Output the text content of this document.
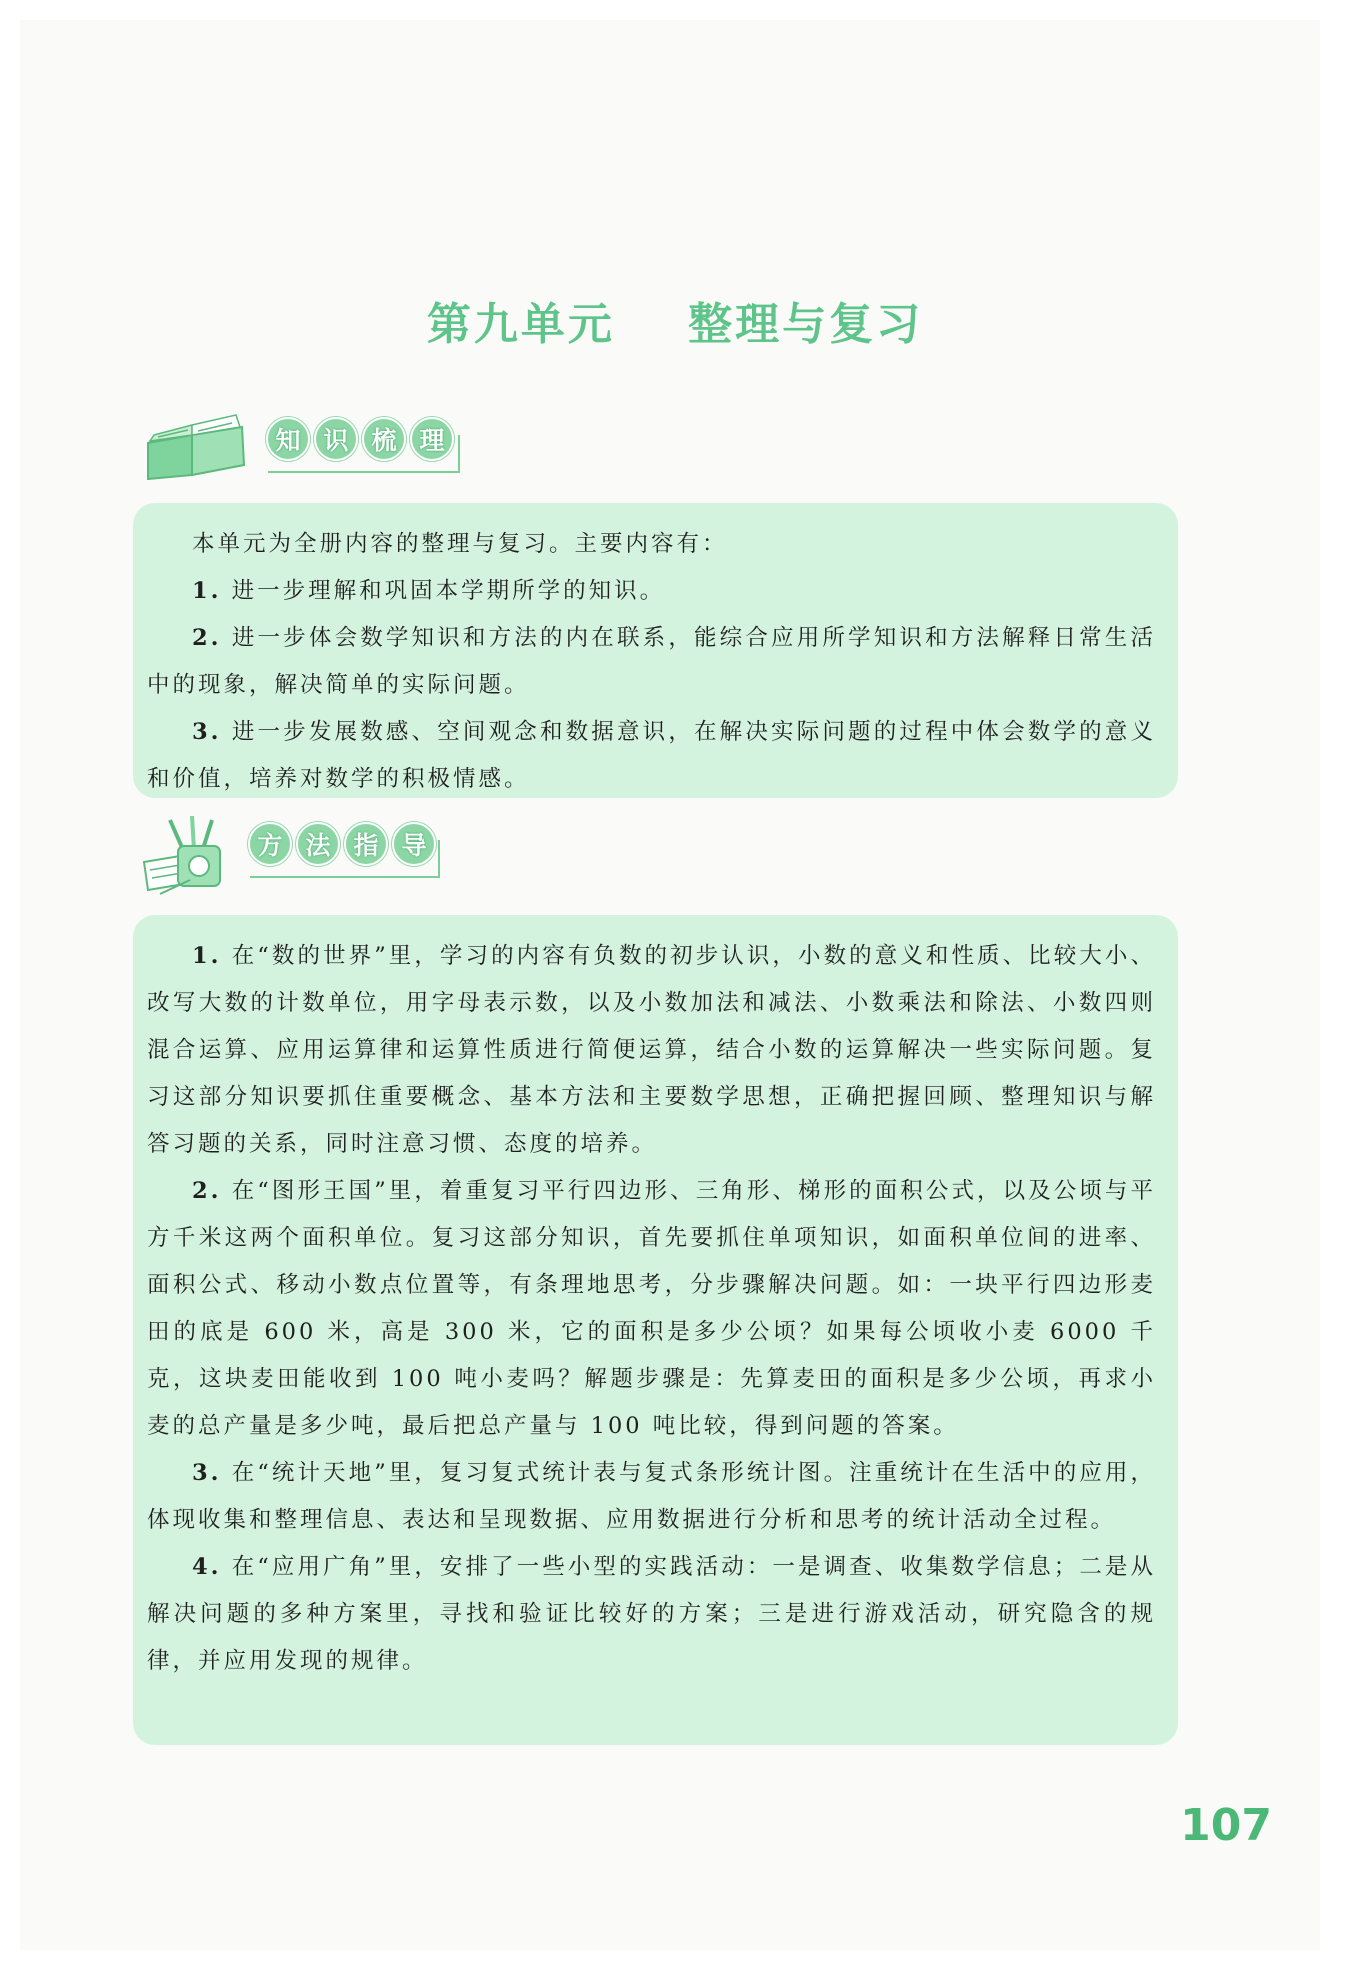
第九单元    整理与复习
知 识 梳 理

本单元为全册内容的整理与复习。主要内容有：

1. 进一步理解和巩固本学期所学的知识。

2. 进一步体会数学知识和方法的内在联系，能综合应用所学知识和方法解释日常生活中的现象，解决简单的实际问题。

3. 进一步发展数感、空间观念和数据意识，在解决实际问题的过程中体会数学的意义和价值，培养对数学的积极情感。

方 法 指 导

1. 在“数的世界”里，学习的内容有负数的初步认识，小数的意义和性质、比较大小、改写大数的计数单位，用字母表示数，以及小数加法和减法、小数乘法和除法、小数四则混合运算、应用运算律和运算性质进行简便运算，结合小数的运算解决一些实际问题。复习这部分知识要抓住重要概念、基本方法和主要数学思想，正确把握回顾、整理知识与解答习题的关系，同时注意习惯、态度的培养。

2. 在“图形王国”里，着重复习平行四边形、三角形、梯形的面积公式，以及公顷与平方千米这两个面积单位。复习这部分知识，首先要抓住单项知识，如面积单位间的进率、面积公式、移动小数点位置等，有条理地思考，分步骤解决问题。如：一块平行四边形麦田的底是 600 米，高是 300 米，它的面积是多少公顷？如果每公顷收小麦 6000 千克，这块麦田能收到 100 吨小麦吗？解题步骤是：先算麦田的面积是多少公顷，再求小麦的总产量是多少吨，最后把总产量与 100 吨比较，得到问题的答案。

3. 在“统计天地”里，复习复式统计表与复式条形统计图。注重统计在生活中的应用，体现收集和整理信息、表达和呈现数据、应用数据进行分析和思考的统计活动全过程。

4. 在“应用广角”里，安排了一些小型的实践活动：一是调查、收集数学信息；二是从解决问题的多种方案里，寻找和验证比较好的方案；三是进行游戏活动，研究隐含的规律，并应用发现的规律。

107
